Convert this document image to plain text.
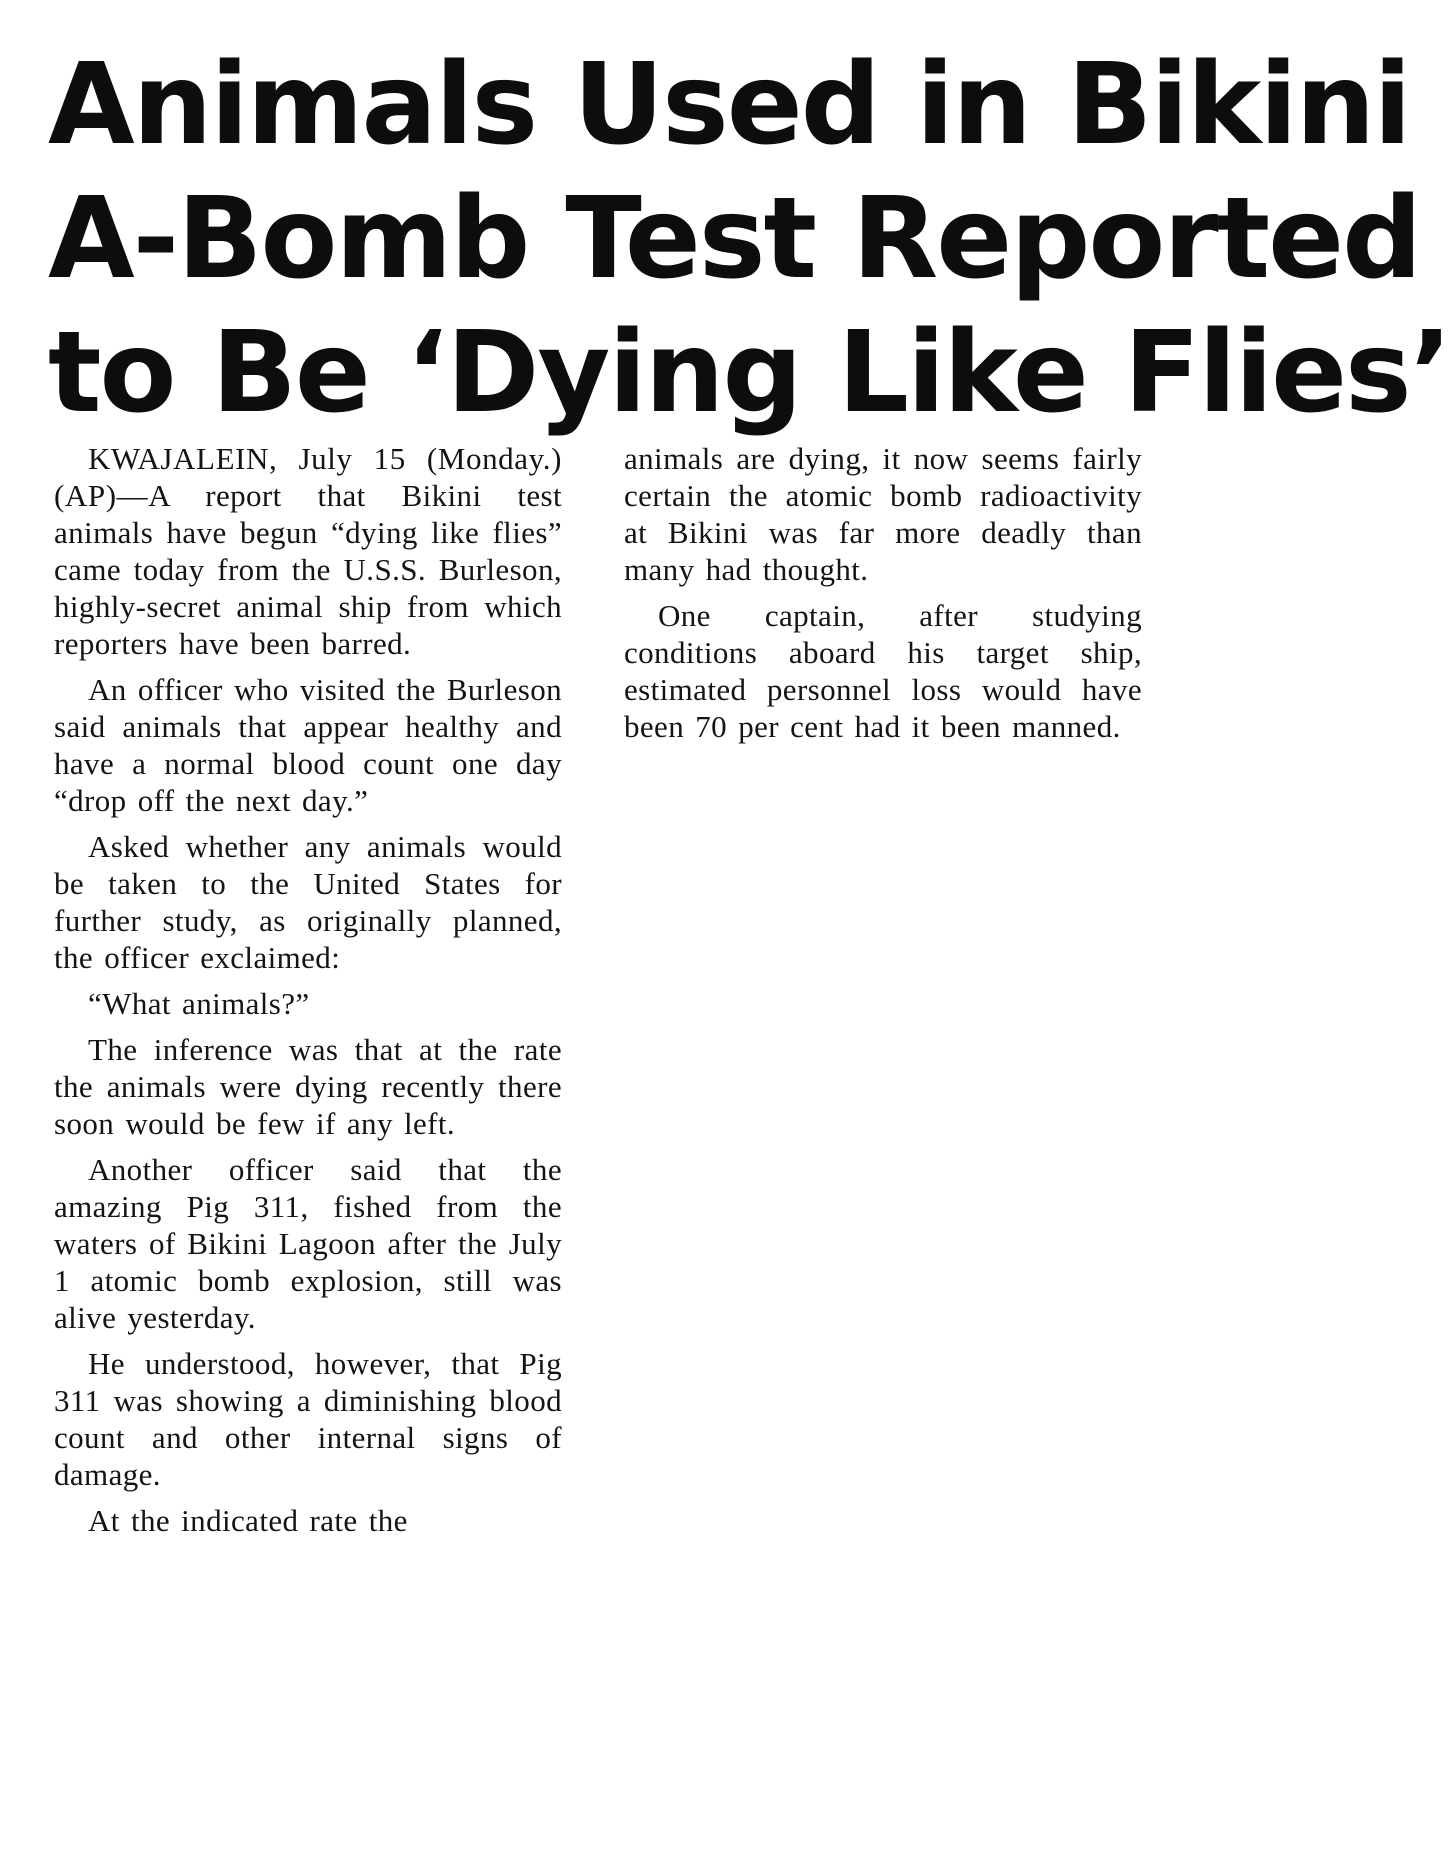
Animals Used in Bikini
A-Bomb Test Reported
to Be ‘Dying Like Flies’

KWAJALEIN, July 15 (Monday.) (AP)—A report that Bikini test animals have begun “dying like flies” came today from the U.S.S. Burleson, highly-secret animal ship from which reporters have been barred.

An officer who visited the Burleson said animals that appear healthy and have a normal blood count one day “drop off the next day.”

Asked whether any animals would be taken to the United States for further study, as originally planned, the officer exclaimed:

“What animals?”

The inference was that at the rate the animals were dying recently there soon would be few if any left.

Another officer said that the amazing Pig 311, fished from the waters of Bikini Lagoon after the July 1 atomic bomb explosion, still was alive yesterday.

He understood, however, that Pig 311 was showing a diminishing blood count and other internal signs of damage.

At the indicated rate the

animals are dying, it now seems fairly certain the atomic bomb radioactivity at Bikini was far more deadly than many had thought.

One captain, after studying conditions aboard his target ship, estimated personnel loss would have been 70 per cent had it been manned.
